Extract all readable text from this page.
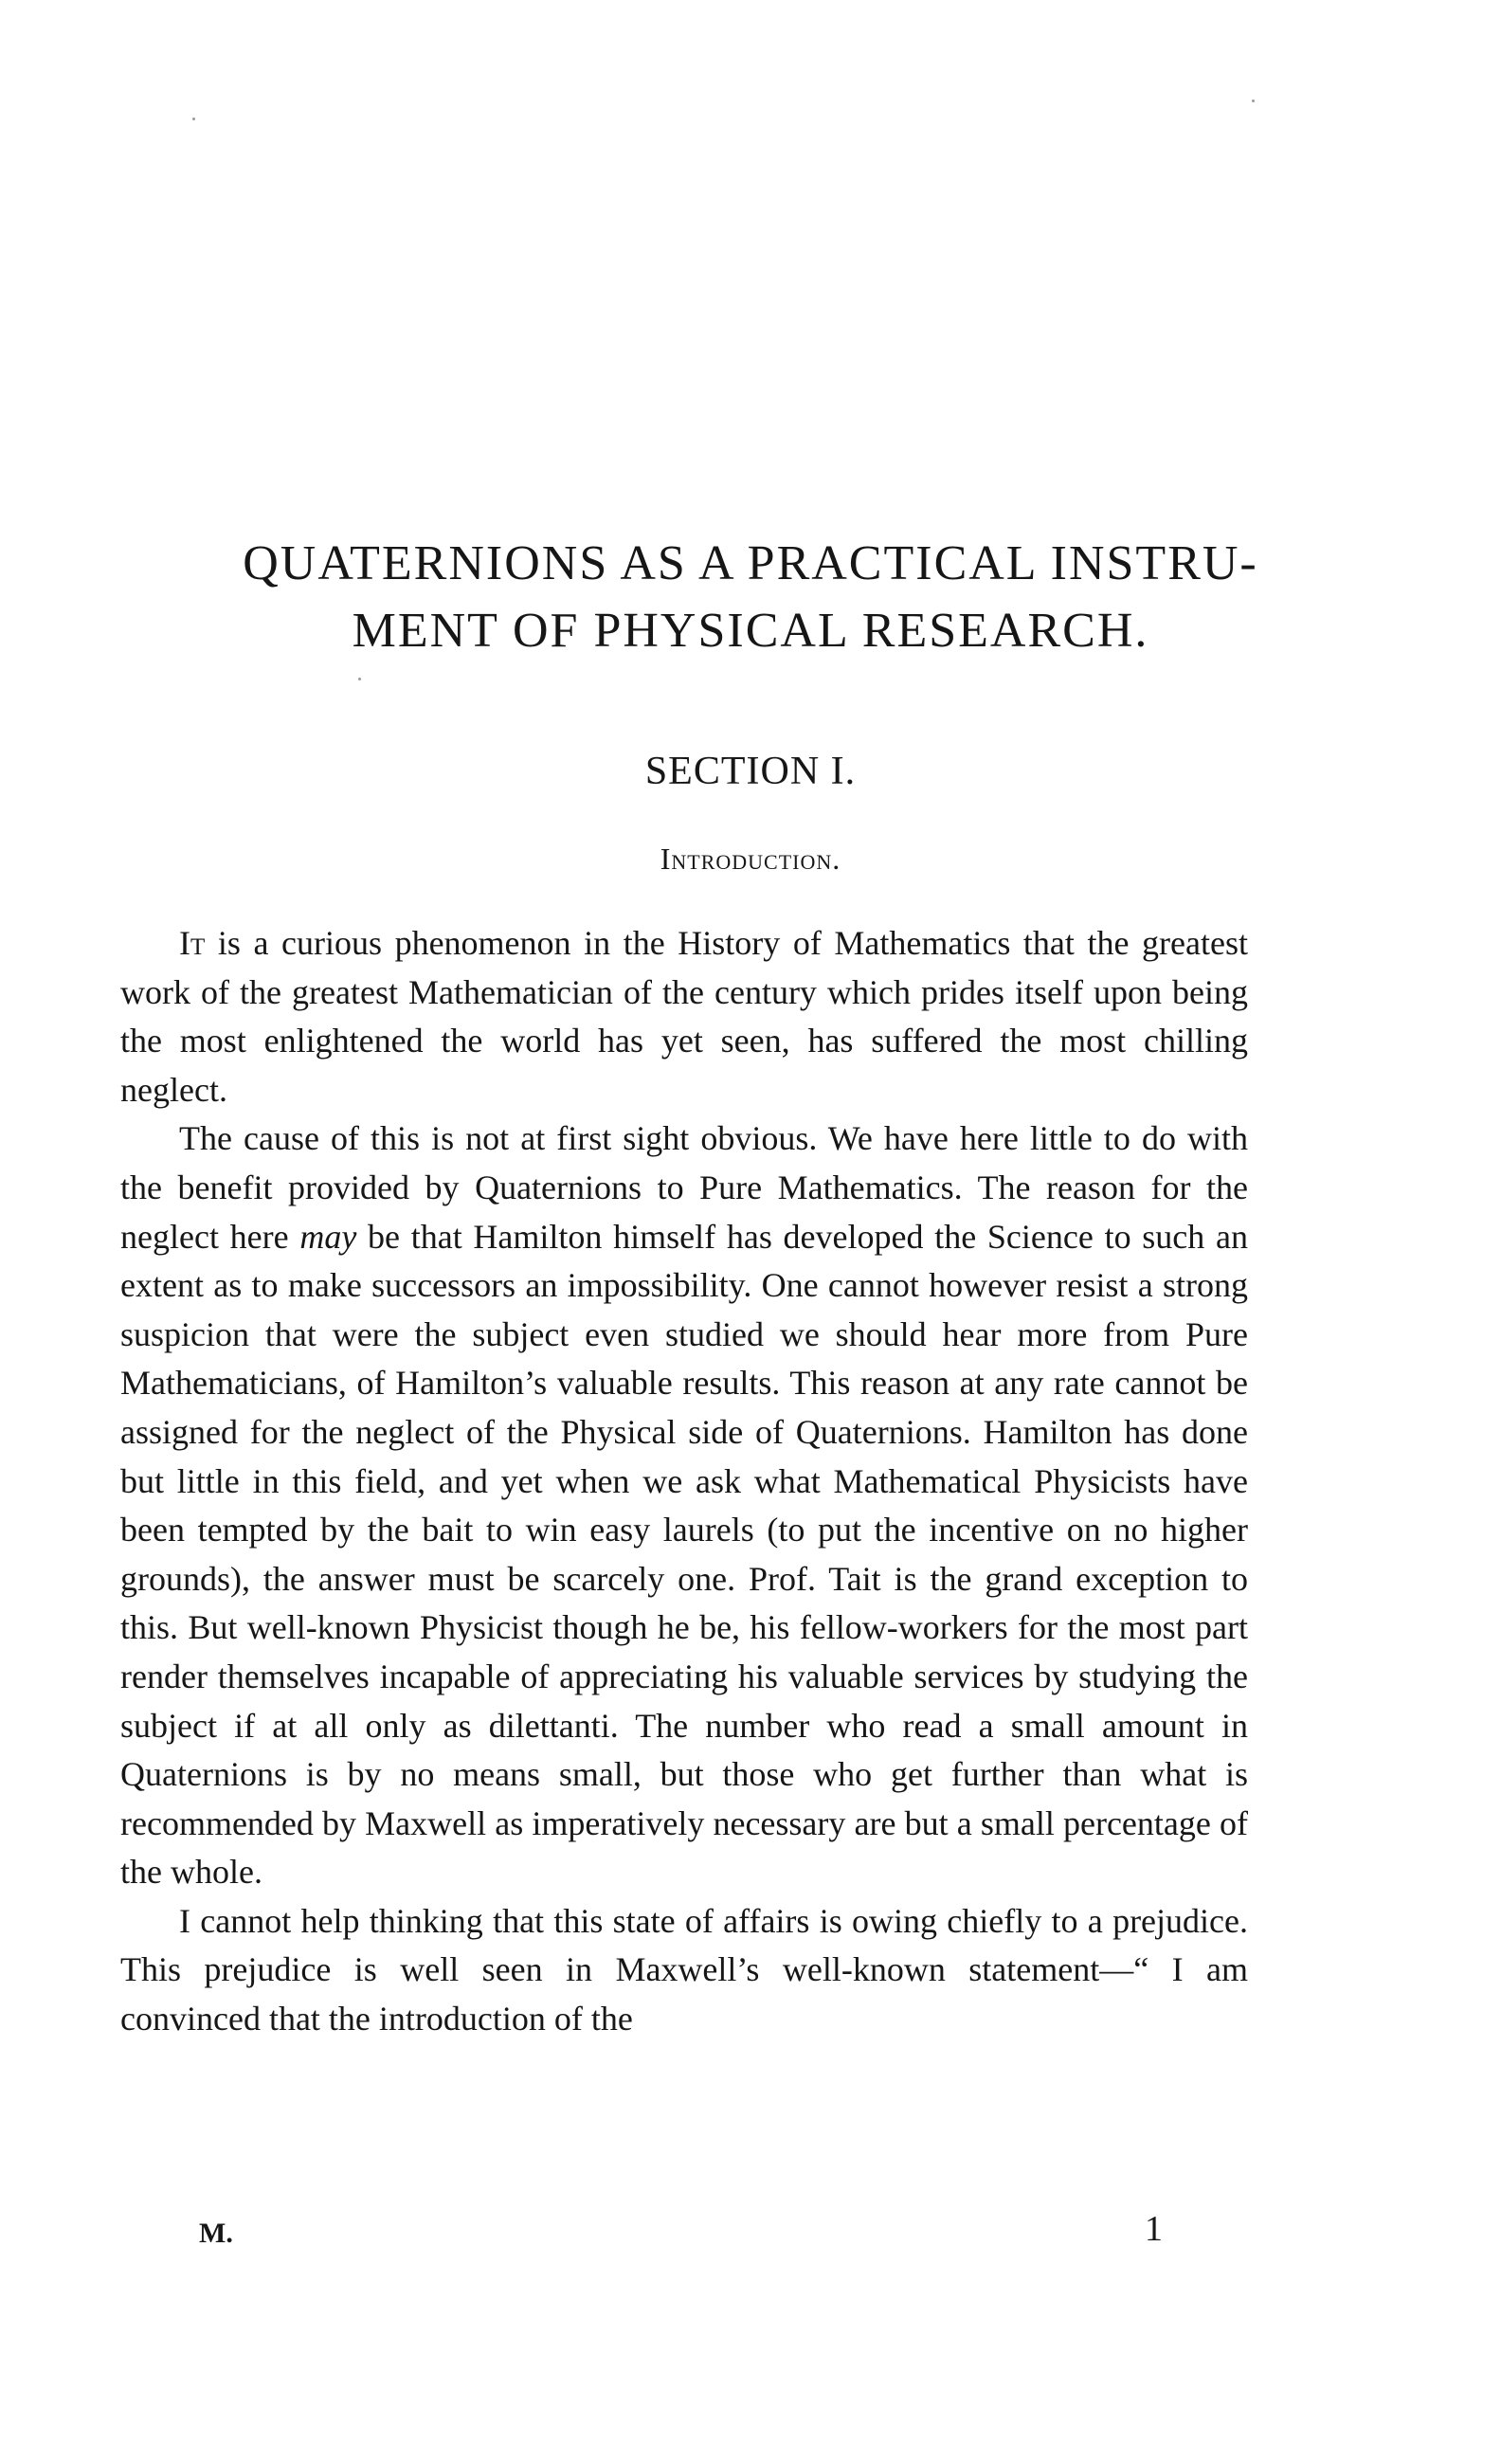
QUATERNIONS AS A PRACTICAL INSTRU-
MENT OF PHYSICAL RESEARCH.
SECTION I.
Introduction.

It is a curious phenomenon in the History of Mathematics that the greatest work of the greatest Mathematician of the century which prides itself upon being the most enlightened the world has yet seen, has suffered the most chilling neglect.

The cause of this is not at first sight obvious. We have here little to do with the benefit provided by Quaternions to Pure Mathematics. The reason for the neglect here may be that Hamilton himself has developed the Science to such an extent as to make successors an impossibility. One cannot however resist a strong suspicion that were the subject even studied we should hear more from Pure Mathematicians, of Hamilton’s valuable results. This reason at any rate cannot be assigned for the neglect of the Physical side of Quaternions. Hamilton has done but little in this field, and yet when we ask what Mathematical Physicists have been tempted by the bait to win easy laurels (to put the incentive on no higher grounds), the answer must be scarcely one. Prof. Tait is the grand exception to this. But well-known Physicist though he be, his fellow-workers for the most part render themselves incapable of appreciating his valuable services by studying the subject if at all only as dilettanti. The number who read a small amount in Quaternions is by no means small, but those who get further than what is recommended by Maxwell as imperatively necessary are but a small percentage of the whole.

I cannot help thinking that this state of affairs is owing chiefly to a prejudice. This prejudice is well seen in Maxwell’s well-known statement—“ I am convinced that the introduction of the

M.	1
